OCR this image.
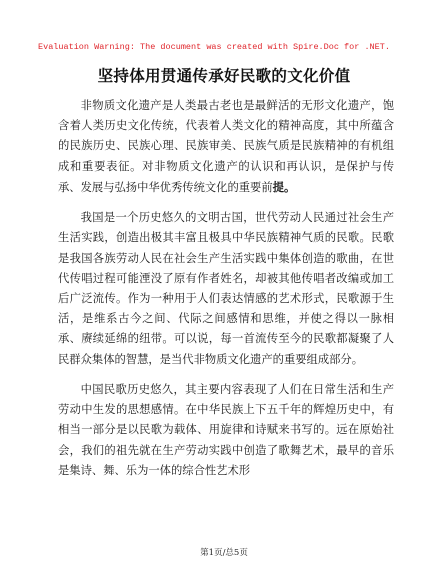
Evaluation Warning: The document was created with Spire.Doc for .NET.
坚持体用贯通传承好民歌的文化价值

非物质文化遗产是人类最古老也是最鲜活的无形文化遗产，饱含着人类历史文化传统，代表着人类文化的精神高度，其中所蕴含的民族历史、民族心理、民族审美、民族气质是民族精神的有机组成和重要表征。对非物质文化遗产的认识和再认识，是保护与传承、发展与弘扬中华优秀传统文化的重要前提。

我国是一个历史悠久的文明古国，世代劳动人民通过社会生产生活实践，创造出极其丰富且极具中华民族精神气质的民歌。民歌是我国各族劳动人民在社会生产生活实践中集体创造的歌曲，在世代传唱过程可能湮没了原有作者姓名，却被其他传唱者改编或加工后广泛流传。作为一种用于人们表达情感的艺术形式，民歌源于生活，是维系古今之间、代际之间感情和思维，并使之得以一脉相承、赓续延绵的纽带。可以说，每一首流传至今的民歌都凝聚了人民群众集体的智慧，是当代非物质文化遗产的重要组成部分。

中国民歌历史悠久，其主要内容表现了人们在日常生活和生产劳动中生发的思想感情。在中华民族上下五千年的辉煌历史中，有相当一部分是以民歌为载体、用旋律和诗赋来书写的。远在原始社会，我们的祖先就在生产劳动实践中创造了歌舞艺术，最早的音乐是集诗、舞、乐为一体的综合性艺术形

第1页/总5页
